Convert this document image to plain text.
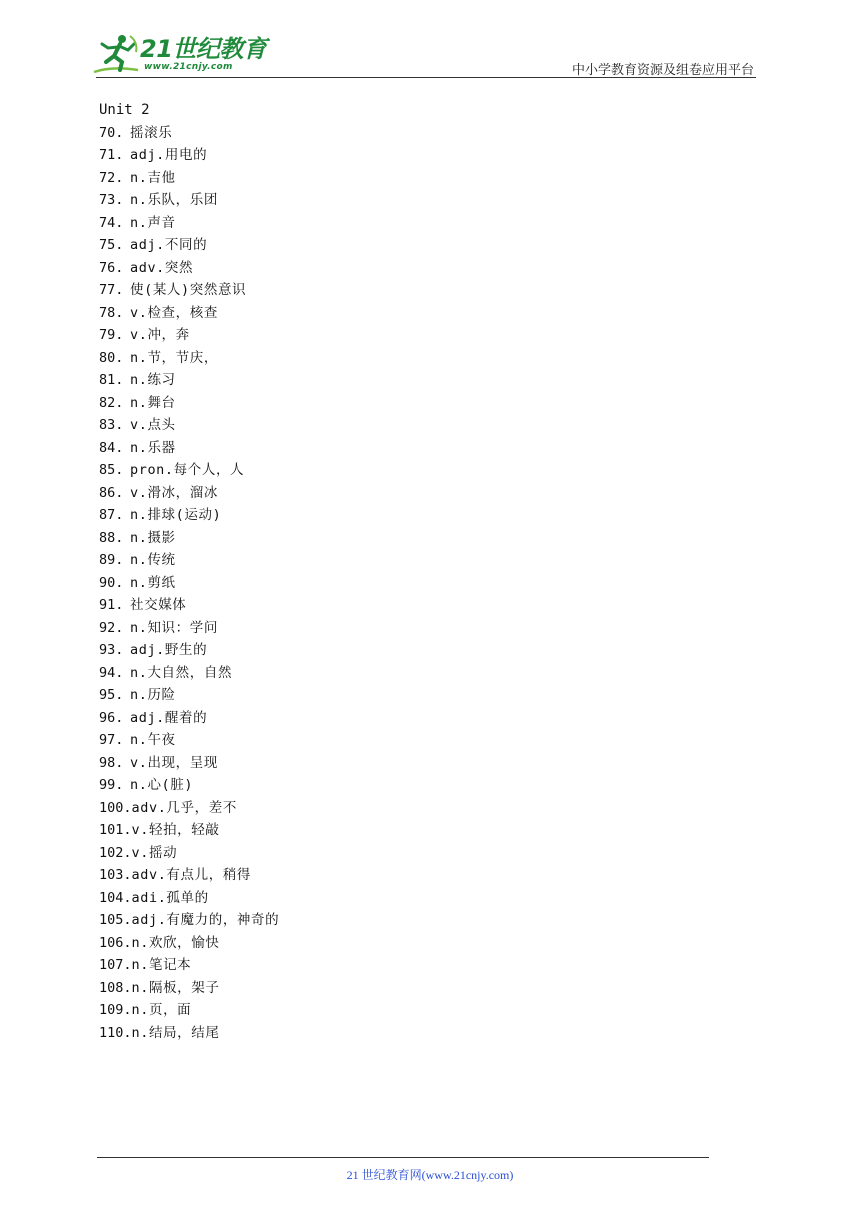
21世纪教育
www.21cnjy.com	中小学教育资源及组卷应用平台
Unit 2
70. 摇滚乐
71. adj.用电的
72. n.吉他
73. n.乐队，乐团
74. n.声音
75. adj.不同的
76. adv.突然
77. 使(某人)突然意识
78. v.检查，核查
79. v.冲，奔
80. n.节，节庆，
81. n.练习
82. n.舞台
83. v.点头
84. n.乐器
85. pron.每个人，人
86. v.滑冰，溜冰
87. n.排球(运动)
88. n.摄影
89. n.传统
90. n.剪纸
91. 社交媒体
92. n.知识：学问
93. adj.野生的
94. n.大自然，自然
95. n.历险
96. adj.醒着的
97. n.午夜
98. v.出现，呈现
99. n.心(脏)
100. adv.几乎，差不
101. v.轻拍，轻敲
102. v.摇动
103. adv.有点儿，稍得
104. adi.孤单的
105. adj.有魔力的，神奇的
106. n.欢欣，愉快
107. n.笔记本
108. n.隔板，架子
109. n.页，面
110. n.结局，结尾
21 世纪教育网(www.21cnjy.com)
